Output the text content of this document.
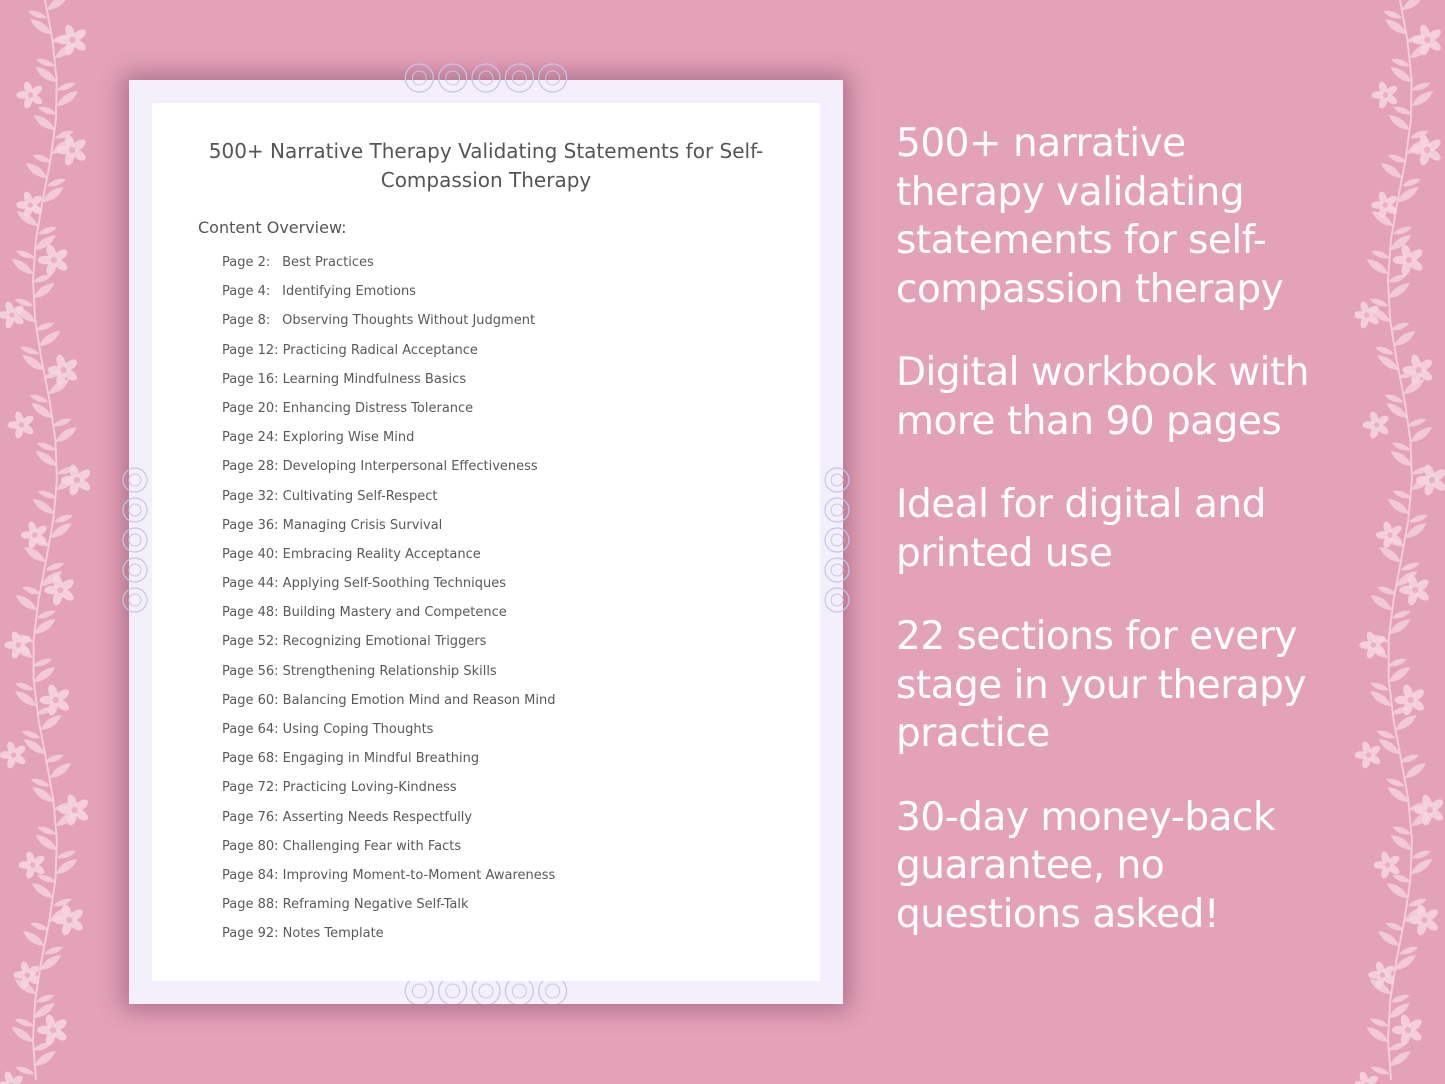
500+ Narrative Therapy Validating Statements for Self-Compassion Therapy
Content Overview:
Page 2: Best Practices
Page 4: Identifying Emotions
Page 8: Observing Thoughts Without Judgment
Page 12: Practicing Radical Acceptance
Page 16: Learning Mindfulness Basics
Page 20: Enhancing Distress Tolerance
Page 24: Exploring Wise Mind
Page 28: Developing Interpersonal Effectiveness
Page 32: Cultivating Self-Respect
Page 36: Managing Crisis Survival
Page 40: Embracing Reality Acceptance
Page 44: Applying Self-Soothing Techniques
Page 48: Building Mastery and Competence
Page 52: Recognizing Emotional Triggers
Page 56: Strengthening Relationship Skills
Page 60: Balancing Emotion Mind and Reason Mind
Page 64: Using Coping Thoughts
Page 68: Engaging in Mindful Breathing
Page 72: Practicing Loving-Kindness
Page 76: Asserting Needs Respectfully
Page 80: Challenging Fear with Facts
Page 84: Improving Moment-to-Moment Awareness
Page 88: Reframing Negative Self-Talk
Page 92: Notes Template

500+ narrative therapy validating statements for self-compassion therapy

Digital workbook with more than 90 pages

Ideal for digital and printed use

22 sections for every stage in your therapy practice

30-day money-back guarantee, no questions asked!
